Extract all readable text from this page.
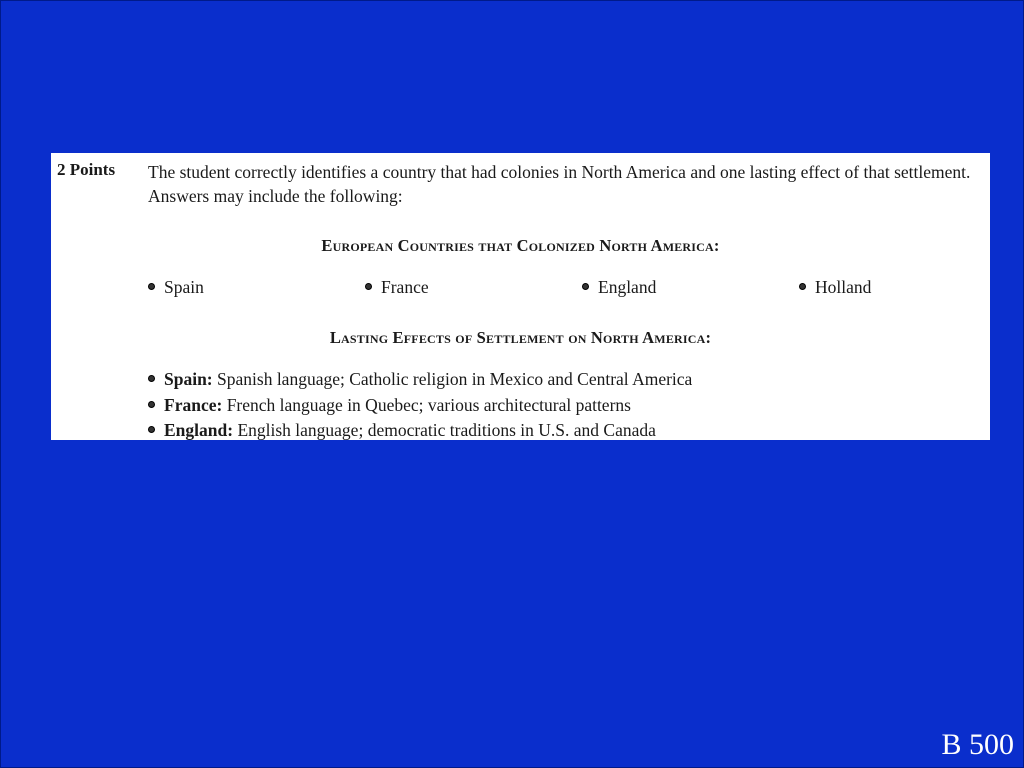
2 Points The student correctly identifies a country that had colonies in North America and one lasting effect of that settlement. Answers may include the following:
European Countries that Colonized North America:
Spain	France	England	Holland
Lasting Effects of Settlement on North America:
Spain: Spanish language; Catholic religion in Mexico and Central America
France: French language in Quebec; various architectural patterns
England: English language; democratic traditions in U.S. and Canada
B 500
